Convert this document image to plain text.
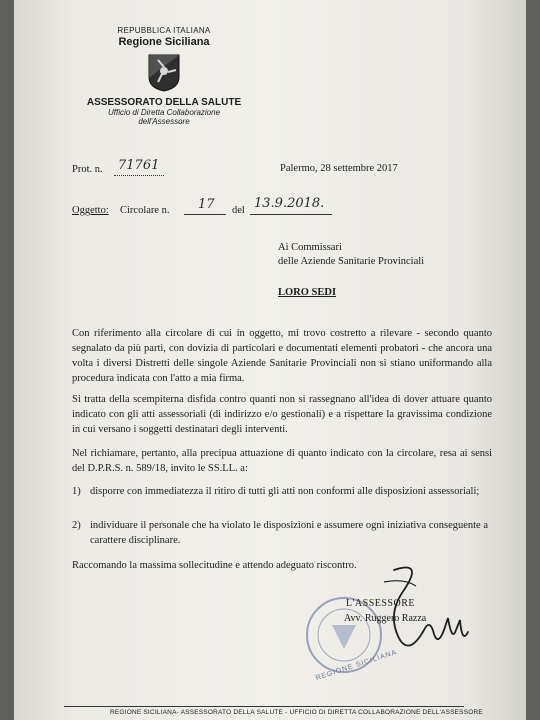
REPUBBLICA ITALIANA
Regione Siciliana
ASSESSORATO DELLA SALUTE
Ufficio di Diretta Collaborazione
dell'Assessore
Prot. n. 71761	Palermo, 28 settembre 2017
Oggetto: Circolare n. 17 del 13.9.2018.
Ai Commissari
delle Aziende Sanitarie Provinciali
LORO SEDI
Con riferimento alla circolare di cui in oggetto, mi trovo costretto a rilevare - secondo quanto segnalato da più parti, con dovizia di particolari e documentati elementi probatori - che ancora una volta i diversi Distretti delle singole Aziende Sanitarie Provinciali non si stiano uniformando alla procedura indicata con l'atto a mia firma.
Si tratta della scempiterna disfida contro quanti non si rassegnano all'idea di dover attuare quanto indicato con gli atti assessoriali (di indirizzo e/o gestionali) e a rispettare la gravissima condizione in cui versano i soggetti destinatari degli interventi.
Nel richiamare, pertanto, alla precipua attuazione di quanto indicato con la circolare, resa ai sensi del D.P.R.S. n. 589/18, invito le SS.LL. a:
1) disporre con immediatezza il ritiro di tutti gli atti non conformi alle disposizioni assessoriali;
2) individuare il personale che ha violato le disposizioni e assumere ogni iniziativa conseguente a carattere disciplinare.
Raccomando la massima sollecitudine e attendo adeguato riscontro.
REGIONE SICILIANA
L'ASSESSORE
Avv. Ruggero Razza
REGIONE SICILIANA- ASSESSORATO DELLA SALUTE - UFFICIO DI DIRETTA COLLABORAZIONE DELL'ASSESSORE
